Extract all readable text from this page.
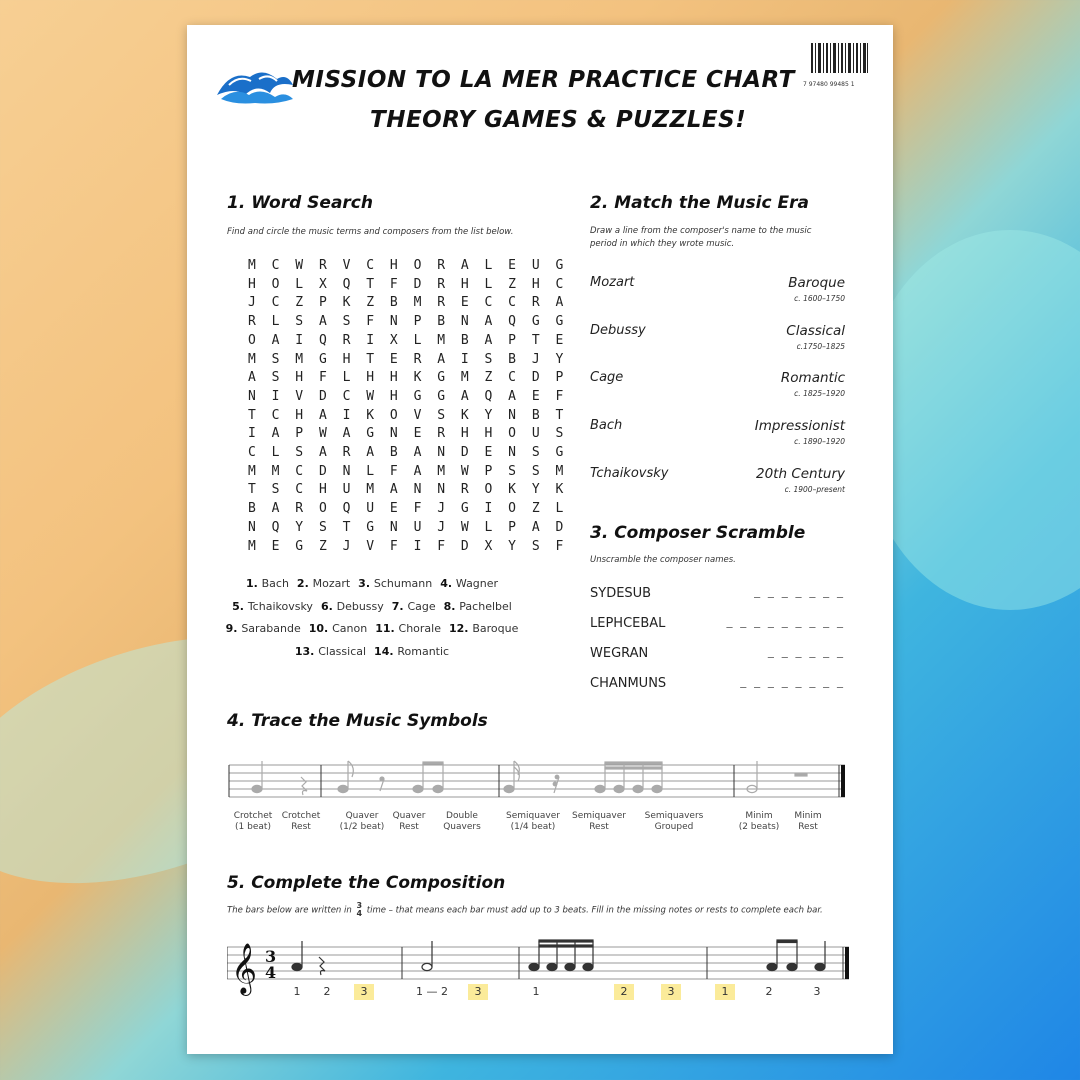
MISSION TO LA MER PRACTICE CHART
THEORY GAMES & PUZZLES!
7 97480 99485 1
1. Word Search
Find and circle the music terms and composers from the list below.
M C W R V C H O R A L E U G
H O L X Q T F D R H L Z H C
J C Z P K Z B M R E C C R A
R L S A S F N P B N A Q G G
O A I Q R I X L M B A P T E
M S M G H T E R A I S B J Y
A S H F L H H K G M Z C D P
N I V D C W H G G A Q A E F
T C H A I K O V S K Y N B T
I A P W A G N E R H H O U S
C L S A R A B A N D E N S G
M M C D N L F A M W P S S M
T S C H U M A N N R O K Y K
B A R O Q U E F J G I O Z L
N Q Y S T G N U J W L P A D
M E G Z J V F I F D X Y S F
1. Bach 2. Mozart 3. Schumann 4. Wagner
5. Tchaikovsky 6. Debussy 7. Cage 8. Pachelbel
9. Sarabande 10. Canon 11. Chorale 12. Baroque
13. Classical 14. Romantic
2. Match the Music Era
Draw a line from the composer's name to the music
period in which they wrote music.
Mozart	Baroque
c. 1600–1750
Debussy	Classical
c.1750–1825
Cage	Romantic
c. 1825–1920
Bach	Impressionist
c. 1890–1920
Tchaikovsky	20th Century
c. 1900–present
3. Composer Scramble
Unscramble the composer names.
SYDESUB	_ _ _ _ _ _ _
LEPHCEBAL	_ _ _ _ _ _ _ _ _
WEGRAN	_ _ _ _ _ _
CHANMUNS	_ _ _ _ _ _ _ _
4. Trace the Music Symbols
Crotchet
(1 beat)
Crotchet
Rest
Quaver
(1/2 beat)
Quaver
Rest
Double
Quavers
Semiquaver
(1/4 beat)
Semiquaver
Rest
Semiquavers
Grouped
Minim
(2 beats)
Minim
Rest
5. Complete the Composition
The bars below are written in 3
4 time – that means each bar must add up to 3 beats. Fill in the missing notes or rests to complete each bar.
𝄞 3
4
1	2	3	1 — 2	3	1	2	3	1	2	3
